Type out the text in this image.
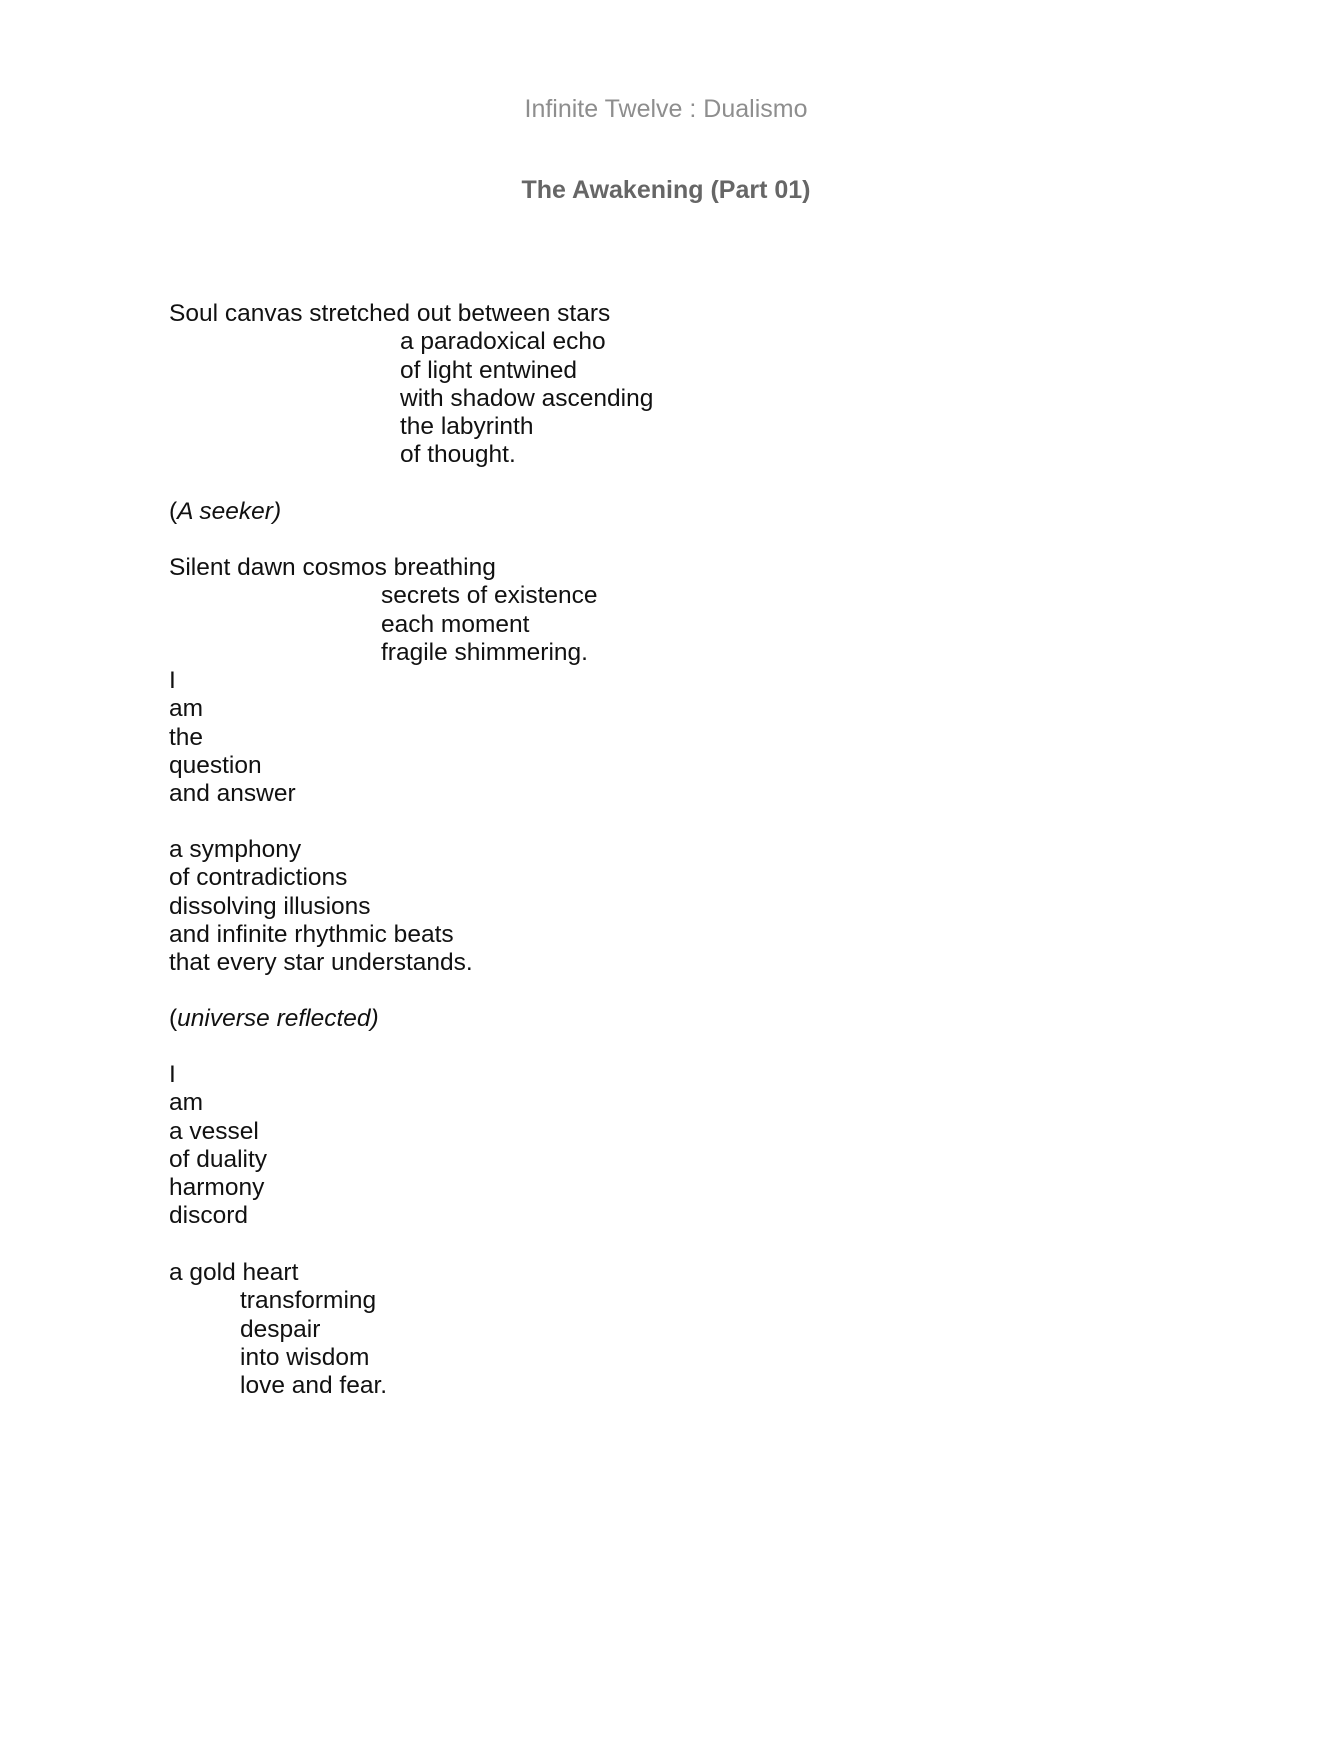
Infinite Twelve : Dualismo
The Awakening (Part 01)
Soul canvas stretched out between stars
a paradoxical echo
of light entwined
with shadow ascending
the labyrinth
of thought.
(A seeker)
Silent dawn cosmos breathing
secrets of existence
each moment
fragile shimmering.
I
am
the
question
and answer
a symphony
of contradictions
dissolving illusions
and infinite rhythmic beats
that every star understands.
(universe reflected)
I
am
a vessel
of duality
harmony
discord
a gold heart
transforming
despair
into wisdom
love and fear.
